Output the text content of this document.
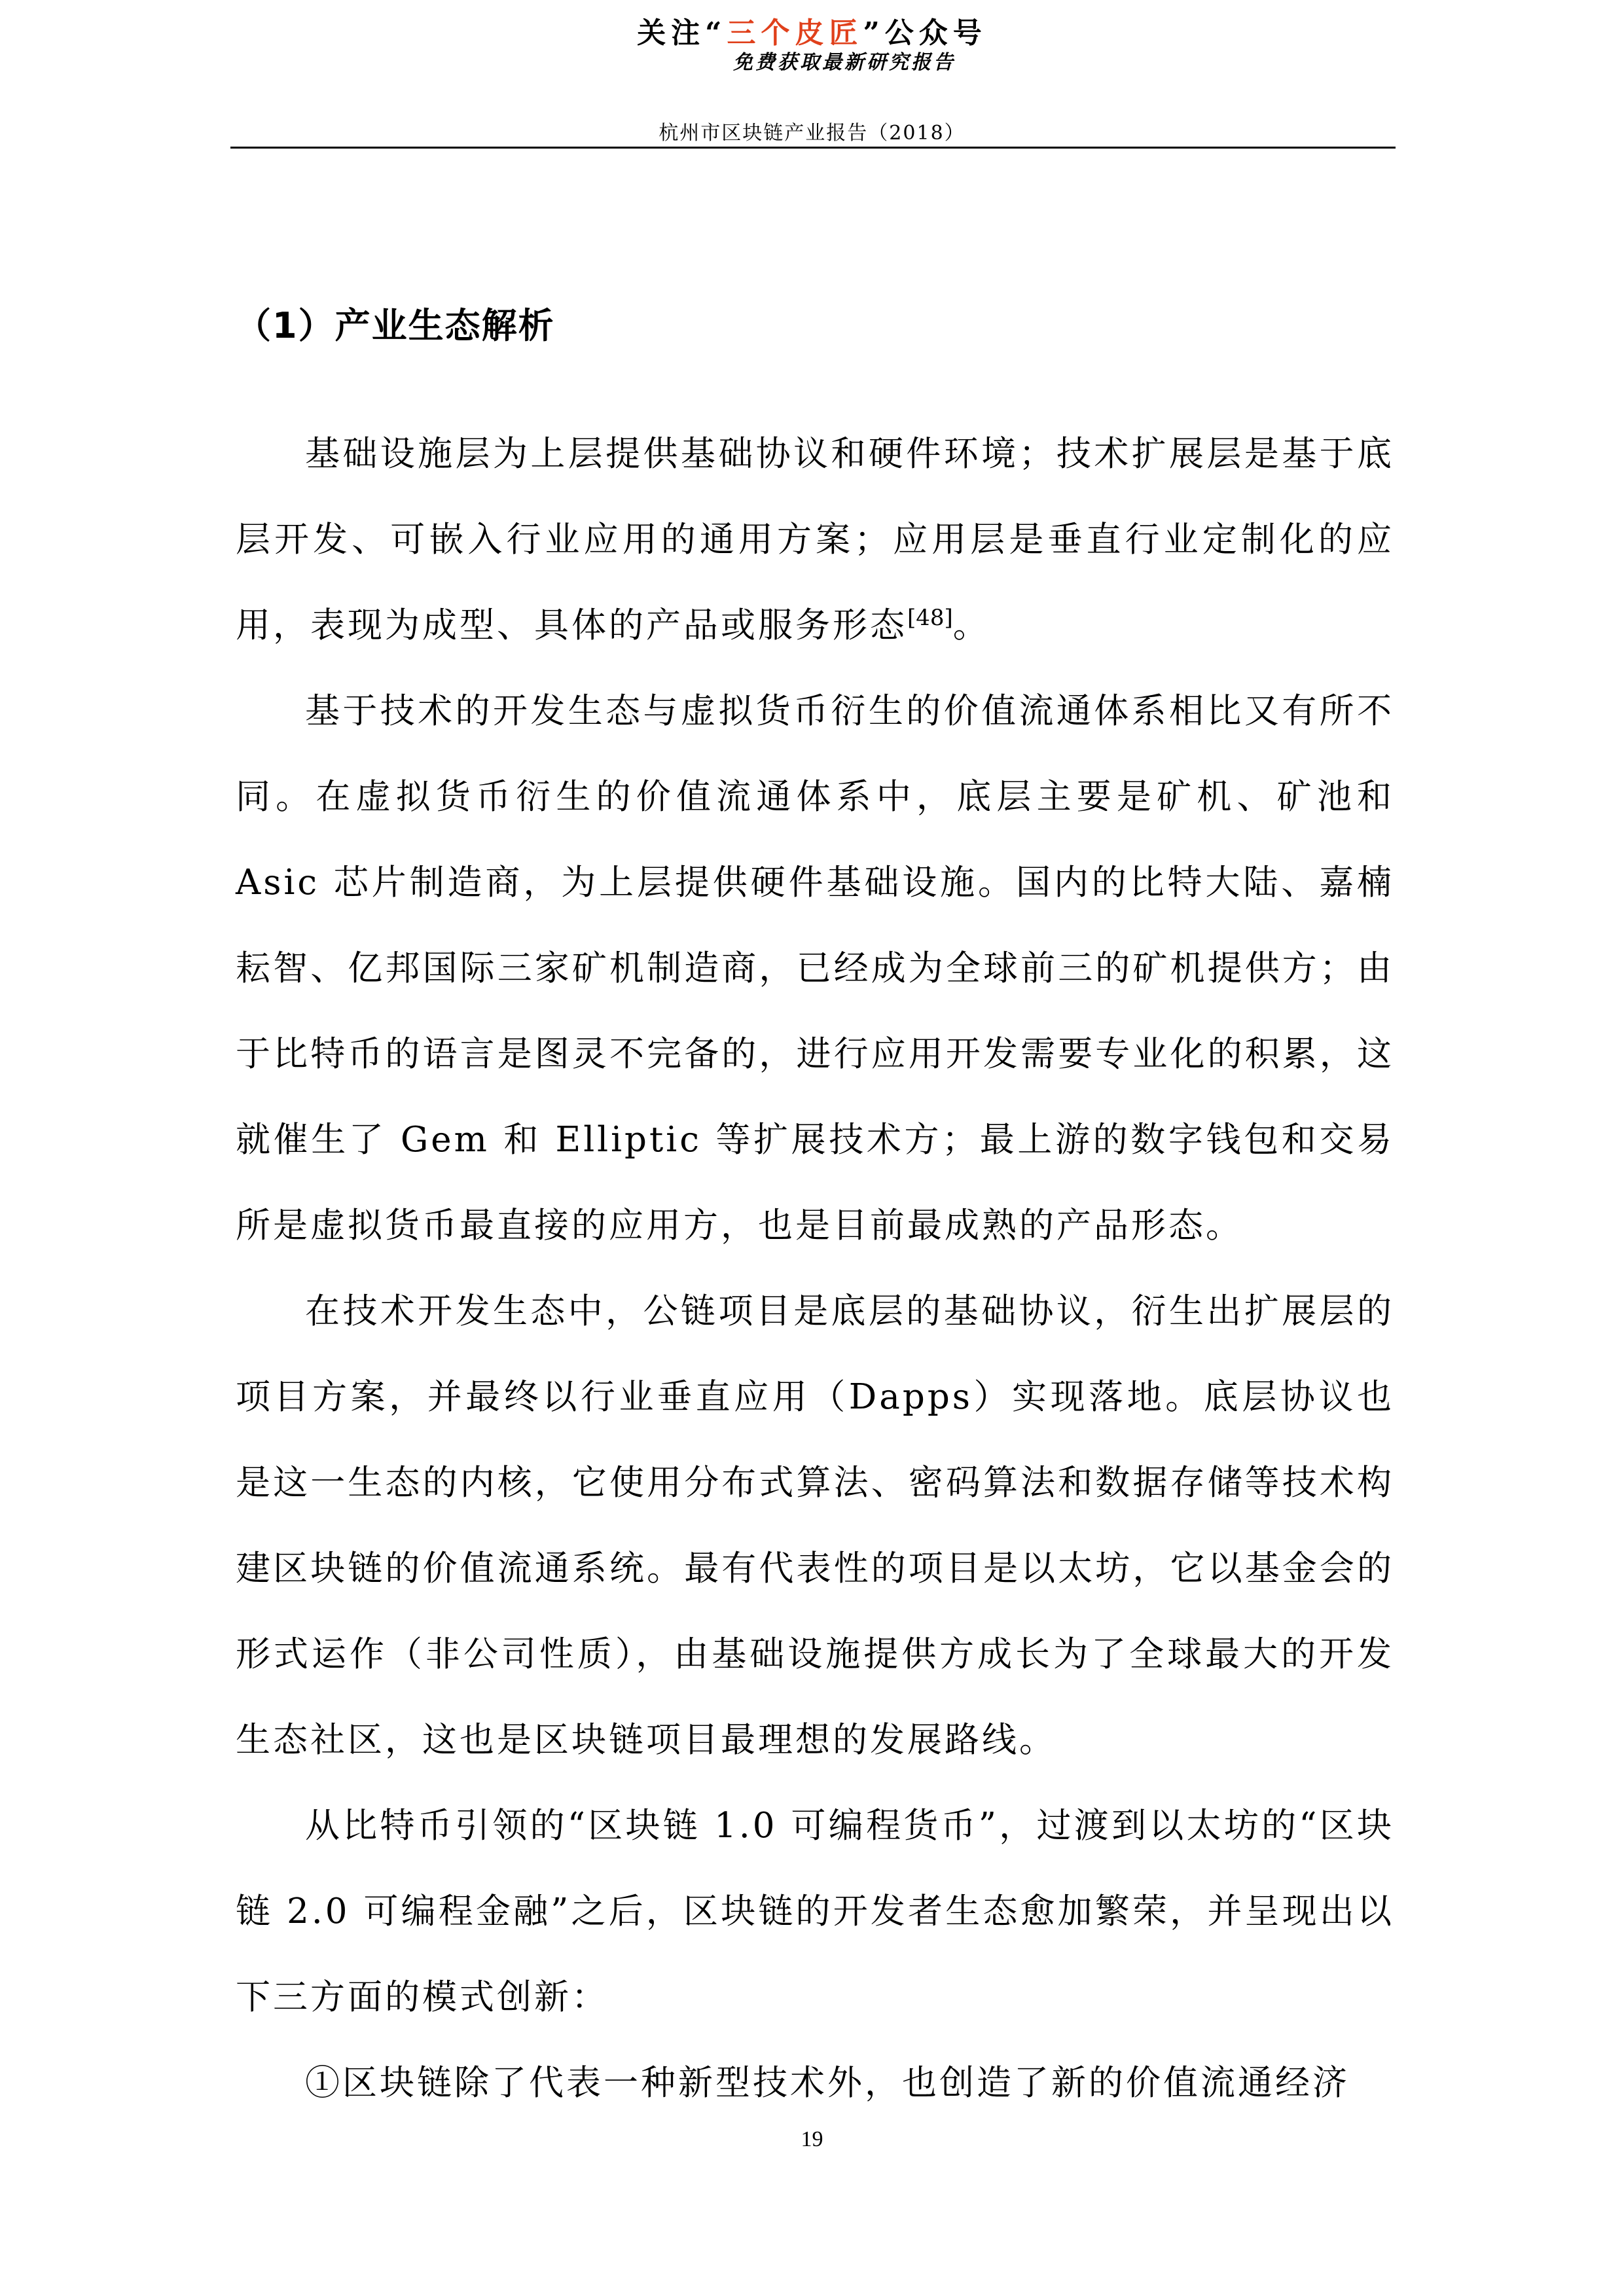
关注“三个皮匠”公众号
免费获取最新研究报告
杭州市区块链产业报告（2018）
（1）产业生态解析

基础设施层为上层提供基础协议和硬件环境；技术扩展层是基于底层开发、可嵌入行业应用的通用方案；应用层是垂直行业定制化的应用，表现为成型、具体的产品或服务形态[48]。

基于技术的开发生态与虚拟货币衍生的价值流通体系相比又有所不同。在虚拟货币衍生的价值流通体系中，底层主要是矿机、矿池和 Asic 芯片制造商，为上层提供硬件基础设施。国内的比特大陆、嘉楠耘智、亿邦国际三家矿机制造商，已经成为全球前三的矿机提供方；由于比特币的语言是图灵不完备的，进行应用开发需要专业化的积累，这就催生了 Gem 和 Elliptic 等扩展技术方；最上游的数字钱包和交易所是虚拟货币最直接的应用方，也是目前最成熟的产品形态。

在技术开发生态中，公链项目是底层的基础协议，衍生出扩展层的项目方案，并最终以行业垂直应用（Dapps）实现落地。底层协议也是这一生态的内核，它使用分布式算法、密码算法和数据存储等技术构建区块链的价值流通系统。最有代表性的项目是以太坊，它以基金会的形式运作（非公司性质），由基础设施提供方成长为了全球最大的开发生态社区，这也是区块链项目最理想的发展路线。

从比特币引领的“区块链 1.0 可编程货币”，过渡到以太坊的“区块链 2.0 可编程金融”之后，区块链的开发者生态愈加繁荣，并呈现出以下三方面的模式创新：

①区块链除了代表一种新型技术外，也创造了新的价值流通经济

19
